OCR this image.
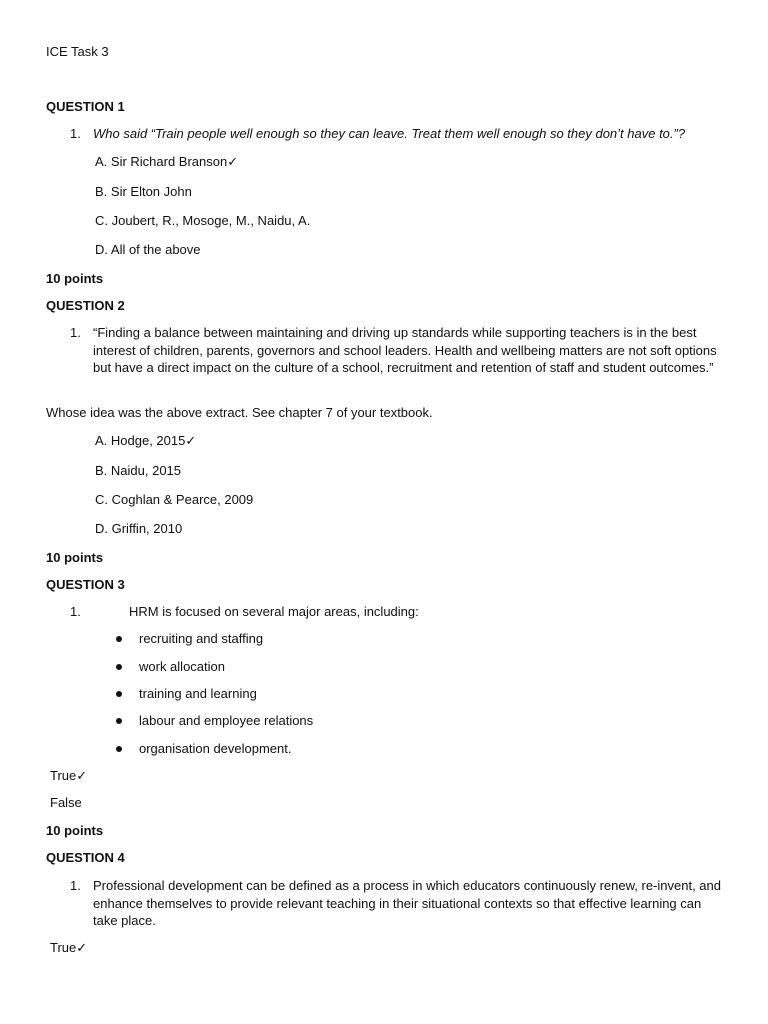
ICE Task 3

QUESTION 1

1. Who said “Train people well enough so they can leave. Treat them well enough so they don’t have to.”?

A. Sir Richard Branson✓

B. Sir Elton John

C. Joubert, R., Mosoge, M., Naidu, A.

D. All of the above

10 points

QUESTION 2

1. “Finding a balance between maintaining and driving up standards while supporting teachers is in the best interest of children, parents, governors and school leaders. Health and wellbeing matters are not soft options but have a direct impact on the culture of a school, recruitment and retention of staff and student outcomes.”

Whose idea was the above extract. See chapter 7 of your textbook.

A. Hodge, 2015✓

B. Naidu, 2015

C. Coghlan & Pearce, 2009

D. Griffin, 2010

10 points

QUESTION 3

1.	HRM is focused on several major areas, including:

recruiting and staffing

work allocation

training and learning

labour and employee relations

organisation development.

True✓

False

10 points

QUESTION 4

1. Professional development can be defined as a process in which educators continuously renew, re-invent, and enhance themselves to provide relevant teaching in their situational contexts so that effective learning can take place.

True✓
